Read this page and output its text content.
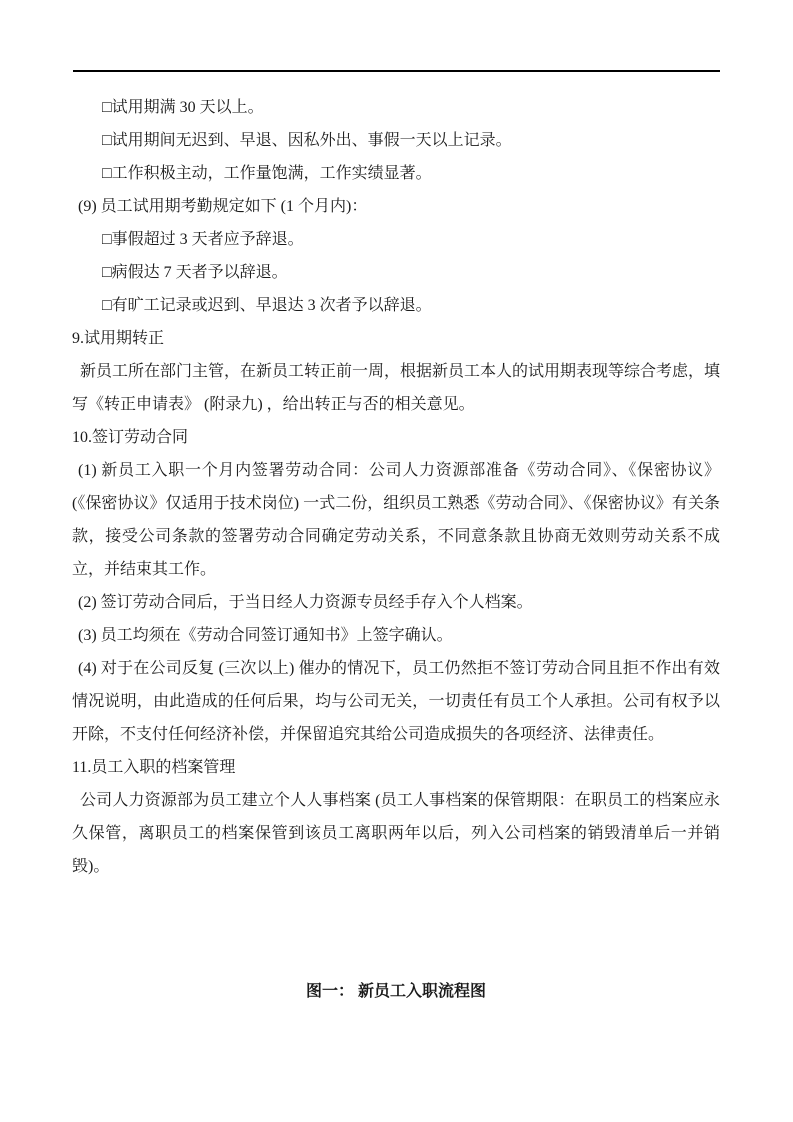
□试用期满 30 天以上。

□试用期间无迟到、早退、因私外出、事假一天以上记录。

□工作积极主动，工作量饱满，工作实绩显著。

(9) 员工试用期考勤规定如下 (1 个月内)：

□事假超过 3 天者应予辞退。

□病假达 7 天者予以辞退。

□有旷工记录或迟到、早退达 3 次者予以辞退。

9.试用期转正

新员工所在部门主管，在新员工转正前一周，根据新员工本人的试用期表现等综合考虑，填写《转正申请表》 (附录九) ，给出转正与否的相关意见。

10.签订劳动合同

(1) 新员工入职一个月内签署劳动合同：公司人力资源部准备《劳动合同》、《保密协议》(《保密协议》仅适用于技术岗位) 一式二份，组织员工熟悉《劳动合同》、《保密协议》有关条款，接受公司条款的签署劳动合同确定劳动关系，不同意条款且协商无效则劳动关系不成立，并结束其工作。

(2) 签订劳动合同后，于当日经人力资源专员经手存入个人档案。

(3) 员工均须在《劳动合同签订通知书》上签字确认。

(4) 对于在公司反复 (三次以上) 催办的情况下，员工仍然拒不签订劳动合同且拒不作出有效情况说明，由此造成的任何后果，均与公司无关，一切责任有员工个人承担。公司有权予以开除，不支付任何经济补偿，并保留追究其给公司造成损失的各项经济、法律责任。

11.员工入职的档案管理

公司人力资源部为员工建立个人人事档案 (员工人事档案的保管期限：在职员工的档案应永久保管，离职员工的档案保管到该员工离职两年以后，列入公司档案的销毁清单后一并销毁)。

图一： 新员工入职流程图
